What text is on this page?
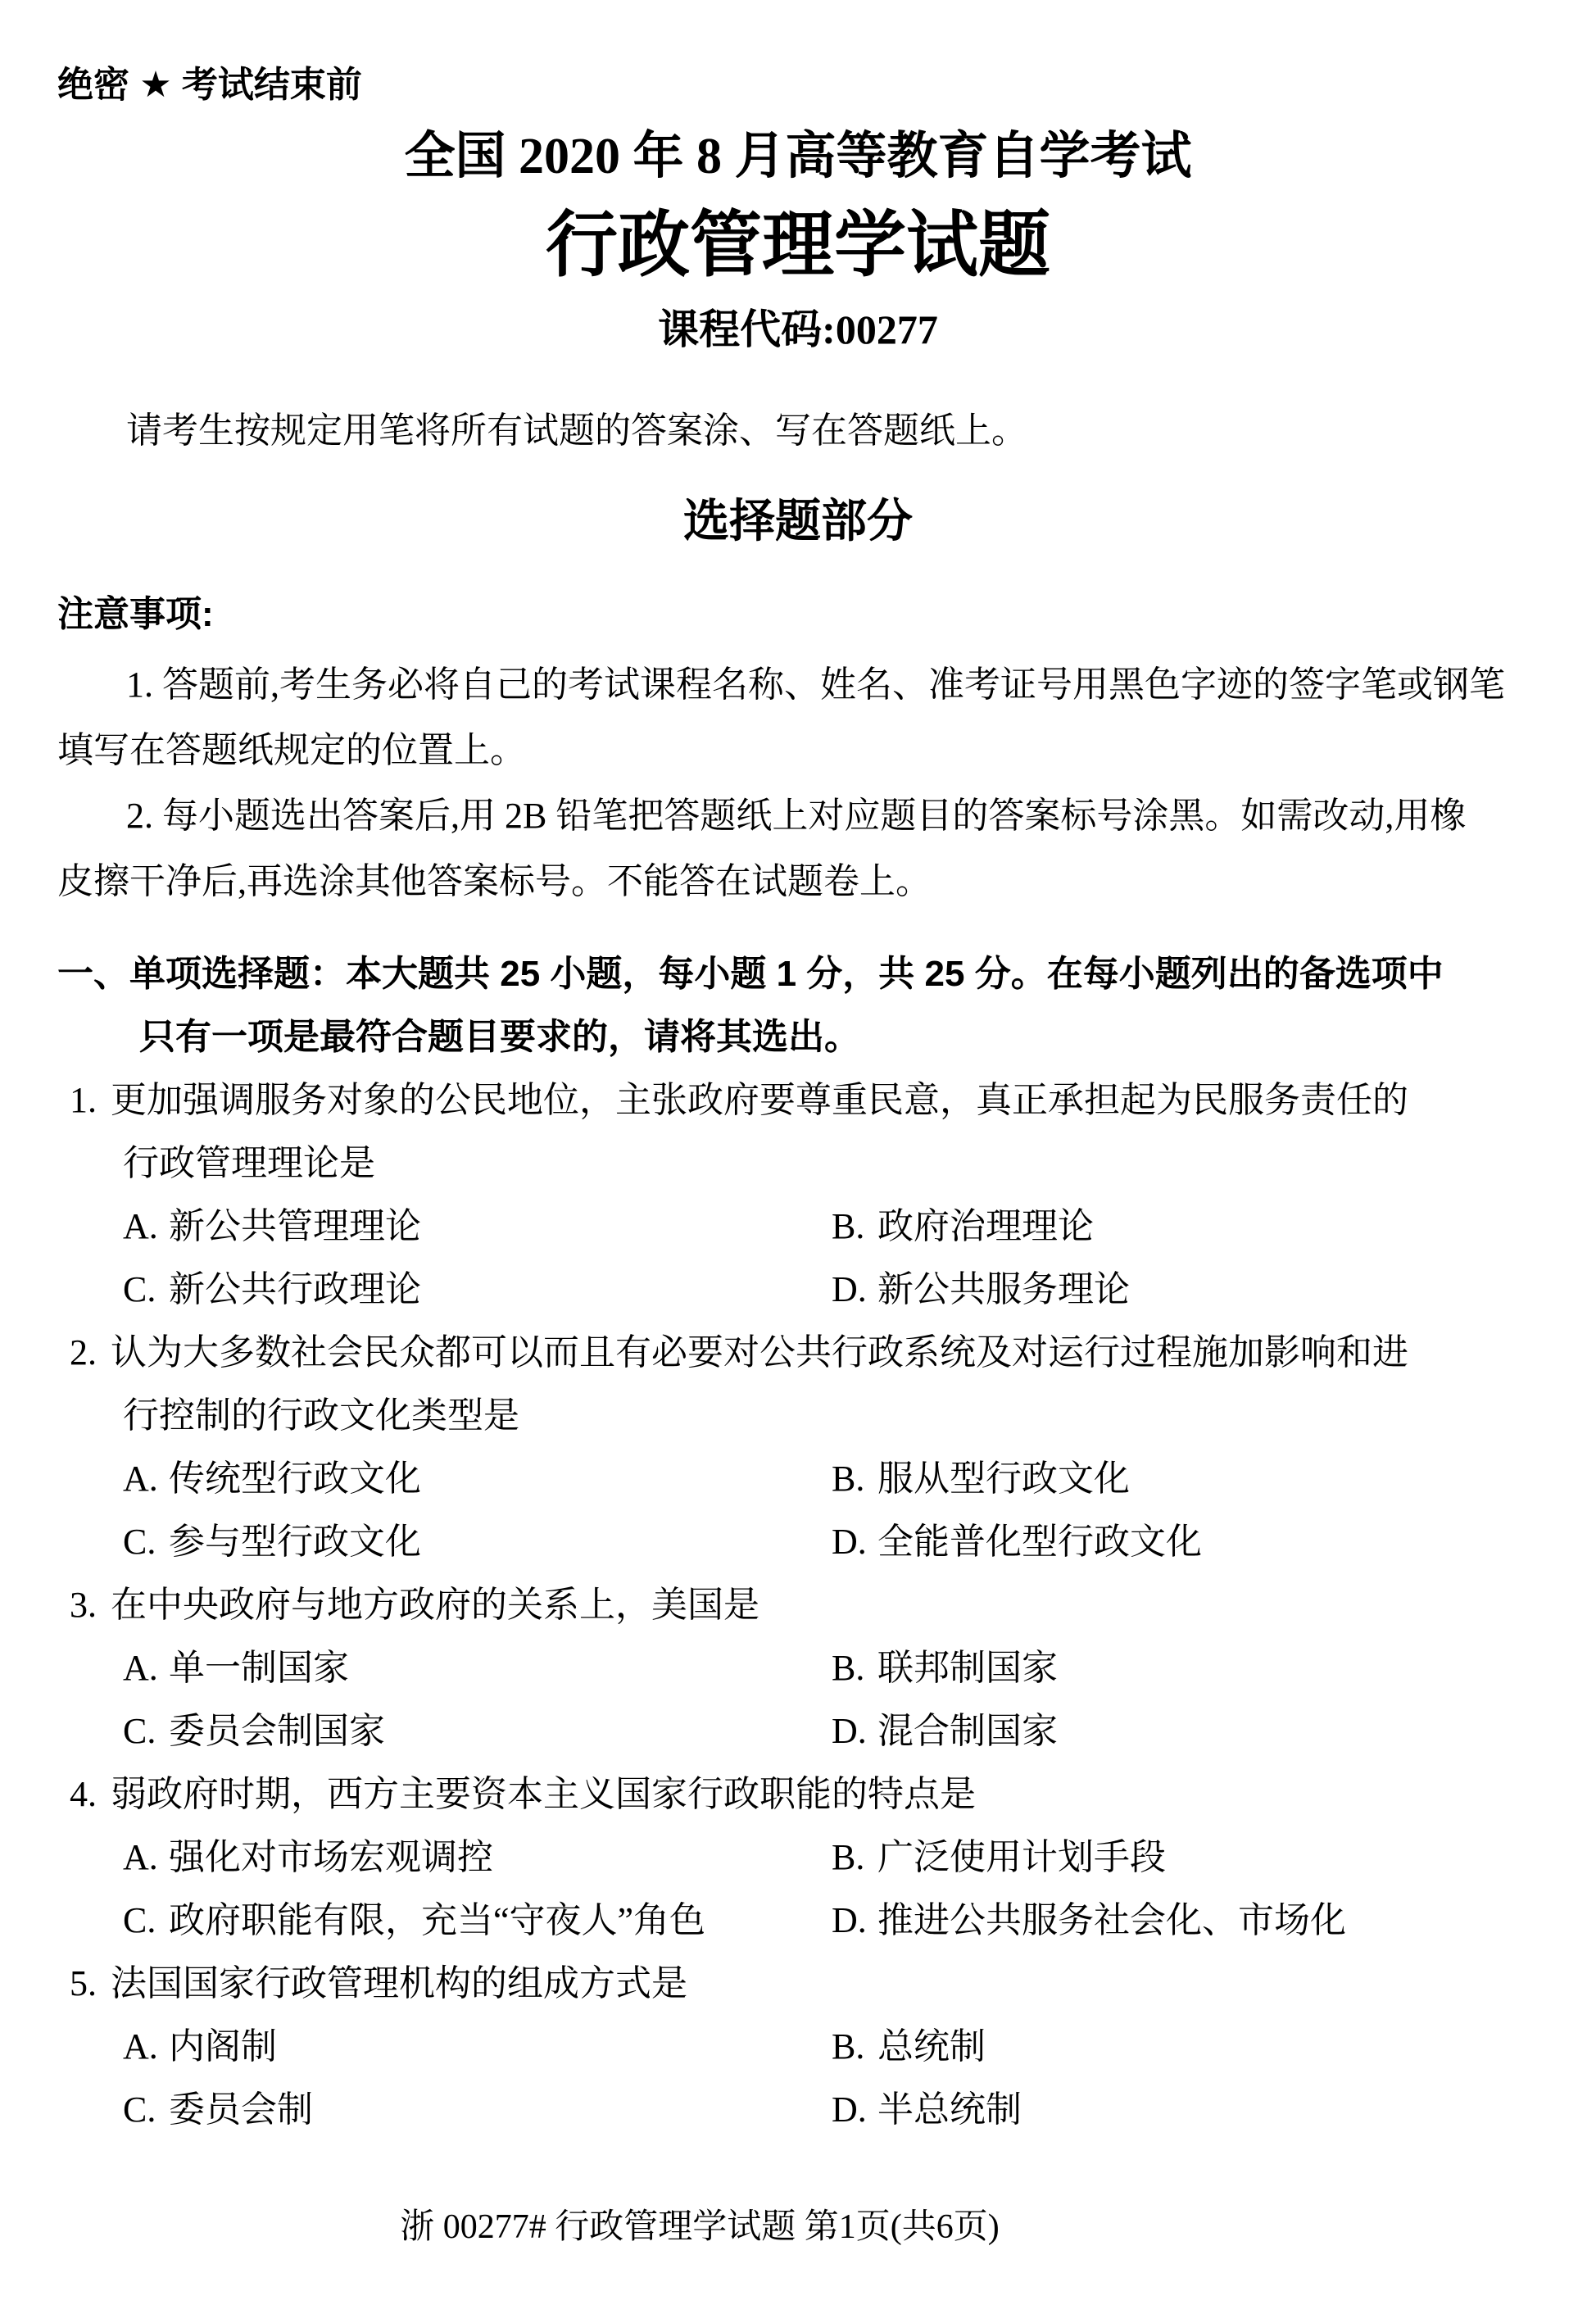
绝密 ★ 考试结束前
全国 2020 年 8 月高等教育自学考试
行政管理学试题
课程代码:00277

请考生按规定用笔将所有试题的答案涂、写在答题纸上。

选择题部分
注意事项:
1. 答题前,考生务必将自己的考试课程名称、姓名、准考证号用黑色字迹的签字笔或钢笔
填写在答题纸规定的位置上。
2. 每小题选出答案后,用 2B 铅笔把答题纸上对应题目的答案标号涂黑。如需改动,用橡
皮擦干净后,再选涂其他答案标号。不能答在试题卷上。
一、单项选择题：本大题共 25 小题，每小题 1 分，共 25 分。在每小题列出的备选项中
只有一项是最符合题目要求的，请将其选出。
1. 更加强调服务对象的公民地位，主张政府要尊重民意，真正承担起为民服务责任的
行政管理理论是
A. 新公共管理理论	B. 政府治理理论
C. 新公共行政理论	D. 新公共服务理论
2. 认为大多数社会民众都可以而且有必要对公共行政系统及对运行过程施加影响和进
行控制的行政文化类型是
A. 传统型行政文化	B. 服从型行政文化
C. 参与型行政文化	D. 全能普化型行政文化
3. 在中央政府与地方政府的关系上，美国是
A. 单一制国家	B. 联邦制国家
C. 委员会制国家	D. 混合制国家
4. 弱政府时期，西方主要资本主义国家行政职能的特点是
A. 强化对市场宏观调控	B. 广泛使用计划手段
C. 政府职能有限，充当“守夜人”角色	D. 推进公共服务社会化、市场化
5. 法国国家行政管理机构的组成方式是
A. 内阁制	B. 总统制
C. 委员会制	D. 半总统制
浙 00277# 行政管理学试题 第1页(共6页)
